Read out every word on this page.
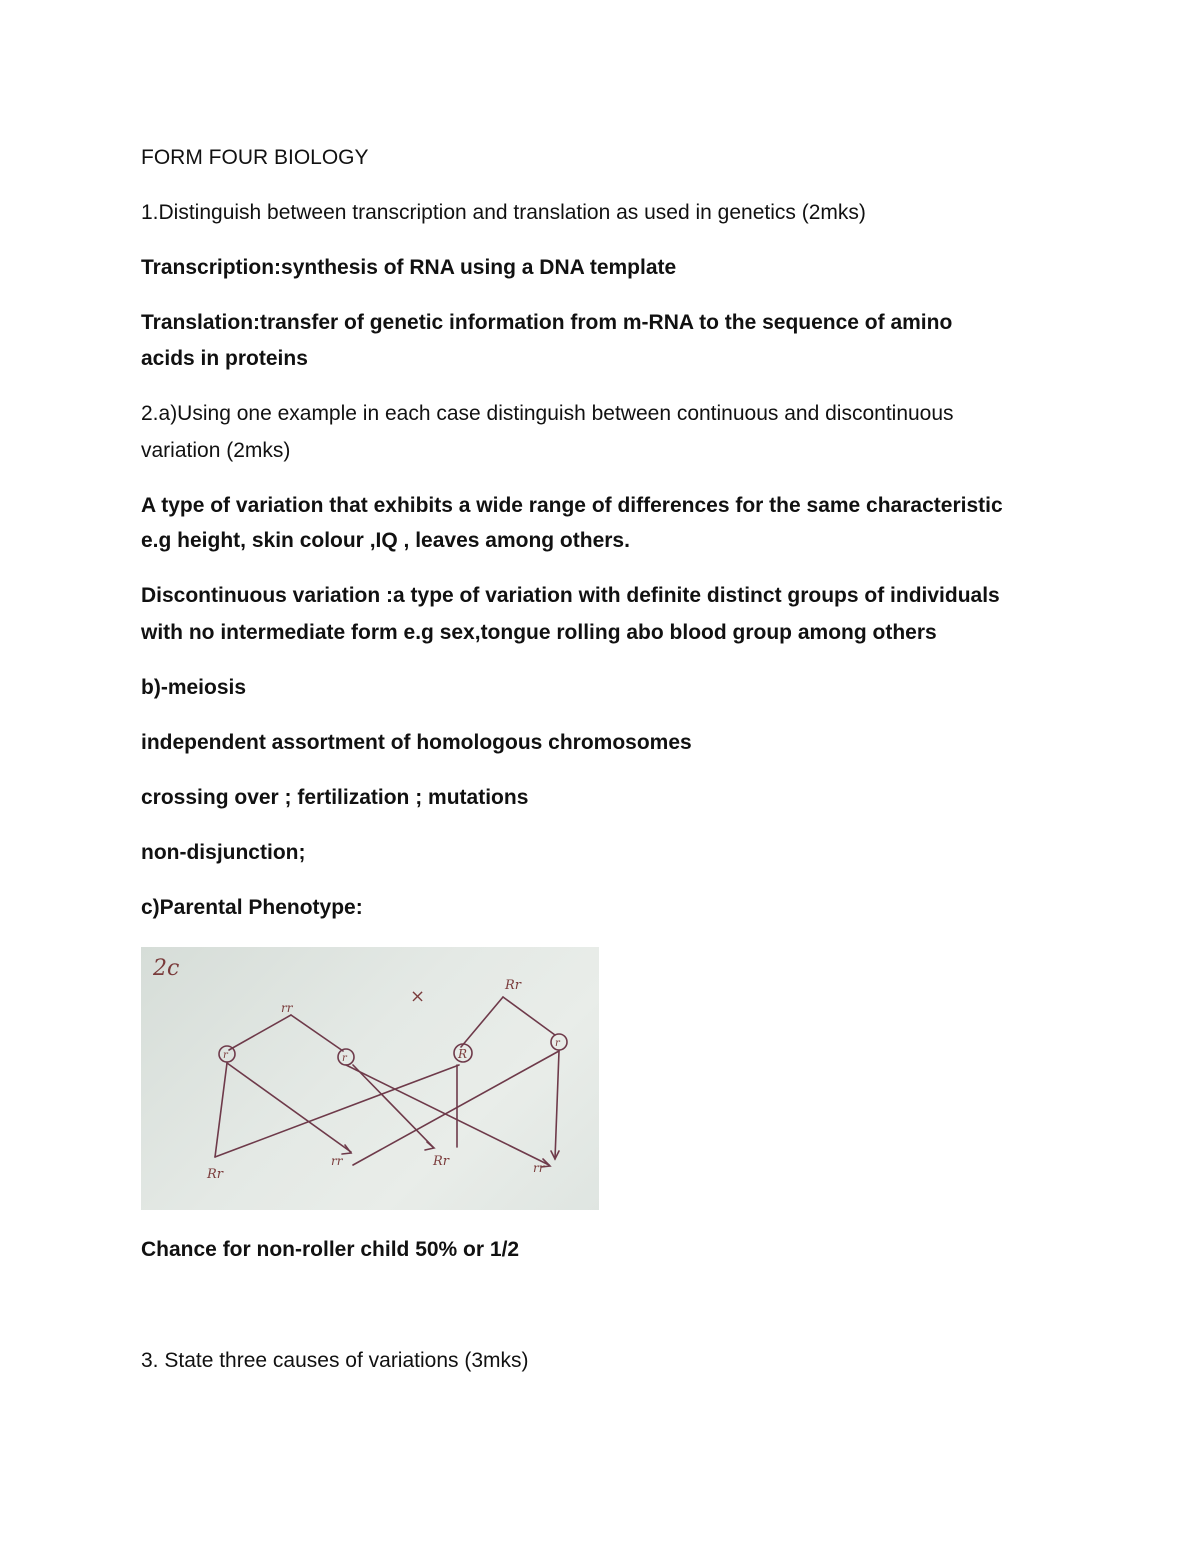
FORM FOUR BIOLOGY
1.Distinguish between transcription and translation as used in genetics (2mks)
Transcription:synthesis of RNA using a DNA template
Translation:transfer of genetic information from m-RNA to the sequence of amino
acids in proteins
2.a)Using one example in each case distinguish between continuous and discontinuous
variation (2mks)
A type of variation that exhibits a wide range of differences for the same characteristic
e.g height, skin colour ,IQ , leaves among others.
Discontinuous variation :a type of variation with definite distinct groups of individuals
with no intermediate form e.g sex,tongue rolling abo blood group among others
b)-meiosis
independent assortment of homologous chromosomes
crossing over ; fertilization ; mutations
non-disjunction;
c)Parental Phenotype:
2c
rr
×
Rr
r	r	R
r
Rr
rr	Rr	rr
Chance for non-roller child 50% or 1/2
3. State three causes of variations (3mks)
